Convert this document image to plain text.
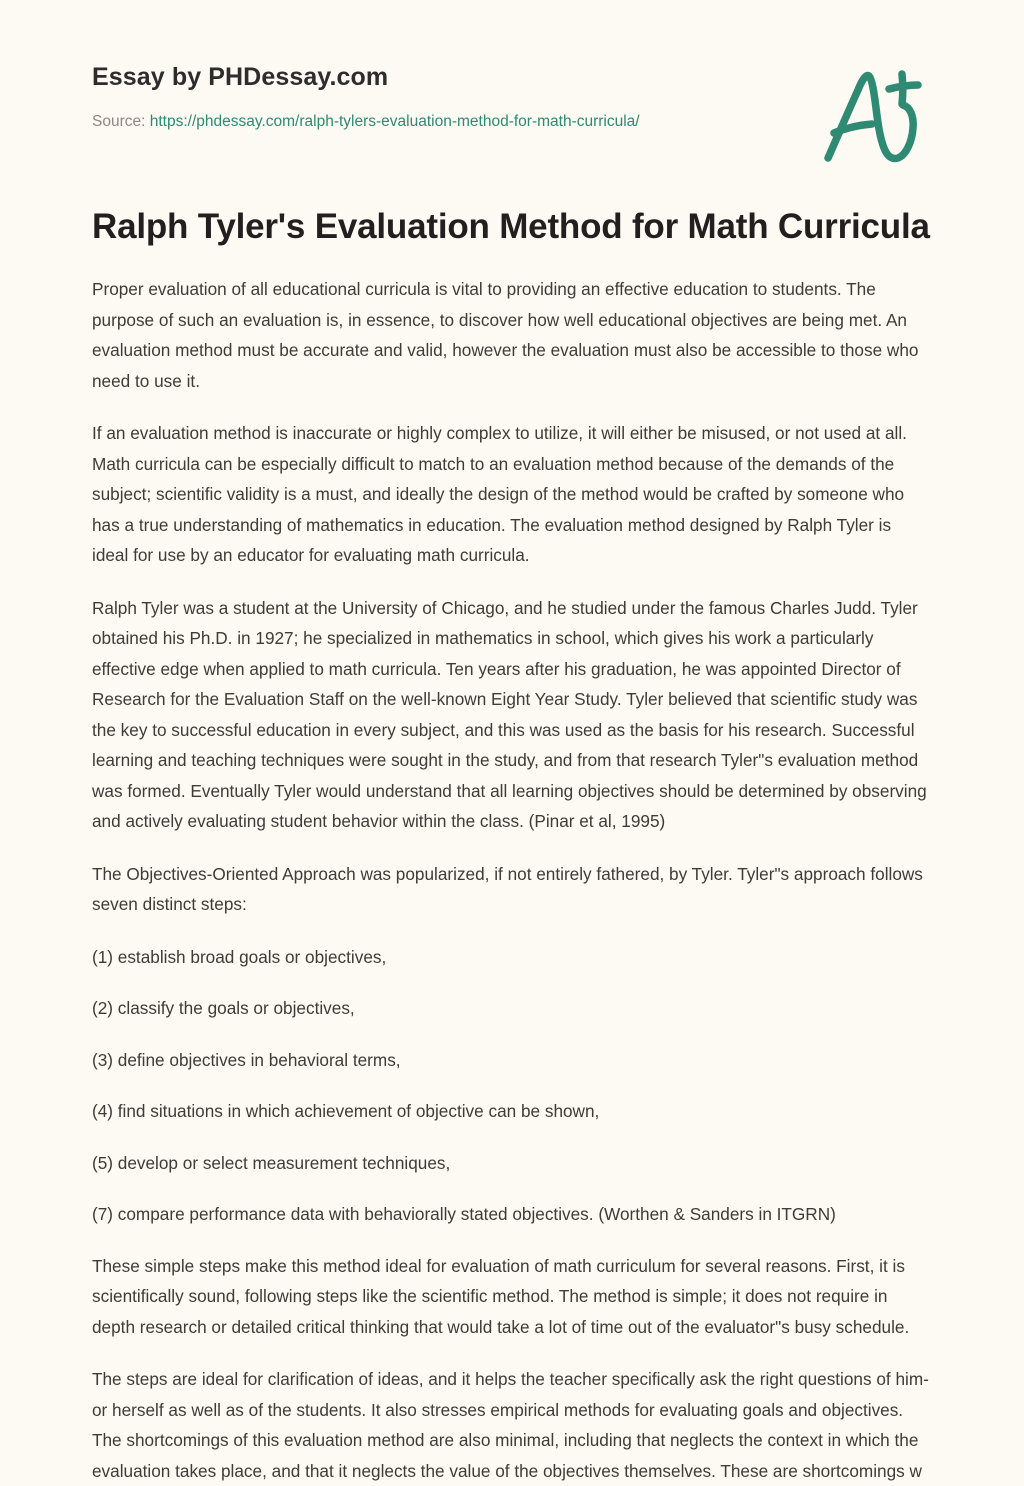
Essay by PHDessay.com
Source: https://phdessay.com/ralph-tylers-evaluation-method-for-math-curricula/
Ralph Tyler's Evaluation Method for Math Curricula

Proper evaluation of all educational curricula is vital to providing an effective education to students. The purpose of such an evaluation is, in essence, to discover how well educational objectives are being met. An evaluation method must be accurate and valid, however the evaluation must also be accessible to those who need to use it.

If an evaluation method is inaccurate or highly complex to utilize, it will either be misused, or not used at all. Math curricula can be especially difficult to match to an evaluation method because of the demands of the subject; scientific validity is a must, and ideally the design of the method would be crafted by someone who has a true understanding of mathematics in education. The evaluation method designed by Ralph Tyler is ideal for use by an educator for evaluating math curricula.

Ralph Tyler was a student at the University of Chicago, and he studied under the famous Charles Judd. Tyler obtained his Ph.D. in 1927; he specialized in mathematics in school, which gives his work a particularly effective edge when applied to math curricula. Ten years after his graduation, he was appointed Director of Research for the Evaluation Staff on the well-known Eight Year Study. Tyler believed that scientific study was the key to successful education in every subject, and this was used as the basis for his research. Successful learning and teaching techniques were sought in the study, and from that research Tyler"s evaluation method was formed. Eventually Tyler would understand that all learning objectives should be determined by observing and actively evaluating student behavior within the class. (Pinar et al, 1995)

The Objectives-Oriented Approach was popularized, if not entirely fathered, by Tyler. Tyler"s approach follows seven distinct steps:

(1) establish broad goals or objectives,

(2) classify the goals or objectives,

(3) define objectives in behavioral terms,

(4) find situations in which achievement of objective can be shown,

(5) develop or select measurement techniques,

(7) compare performance data with behaviorally stated objectives. (Worthen & Sanders in ITGRN)

These simple steps make this method ideal for evaluation of math curriculum for several reasons. First, it is scientifically sound, following steps like the scientific method. The method is simple; it does not require in depth research or detailed critical thinking that would take a lot of time out of the evaluator"s busy schedule.

The steps are ideal for clarification of ideas, and it helps the teacher specifically ask the right questions of him- or herself as well as of the students. It also stresses empirical methods for evaluating goals and objectives. The shortcomings of this evaluation method are also minimal, including that neglects the context in which the evaluation takes place, and that it neglects the value of the objectives themselves. These are shortcomings w
